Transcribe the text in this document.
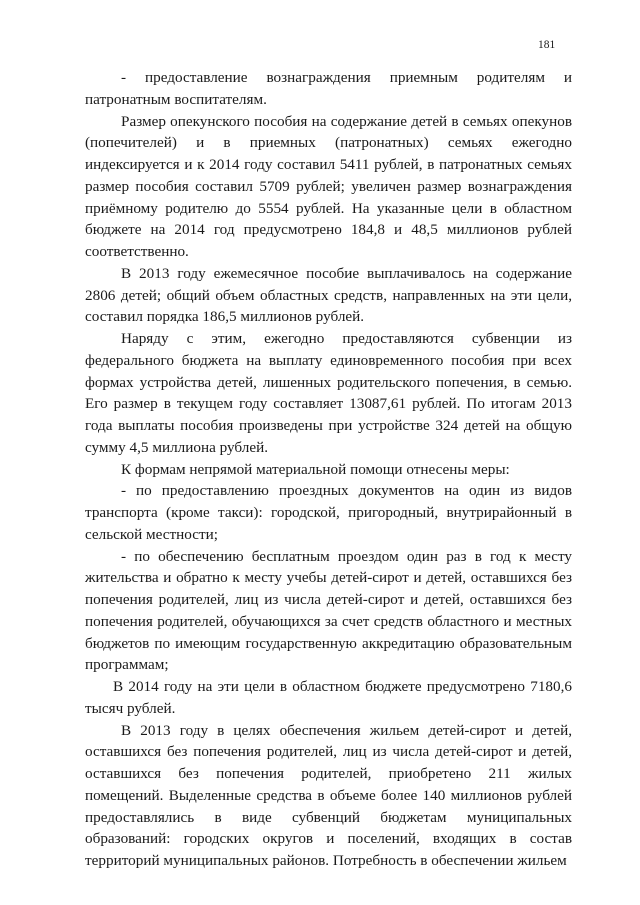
181

- предоставление вознаграждения приемным родителям и патронатным воспитателям.

Размер опекунского пособия на содержание детей в семьях опекунов (попечителей) и в приемных (патронатных) семьях ежегодно индексируется и к 2014 году составил 5411 рублей, в патронатных семьях размер пособия составил 5709 рублей; увеличен размер вознаграждения приёмному родителю до 5554 рублей. На указанные цели в областном бюджете на 2014 год предусмотрено 184,8 и 48,5 миллионов рублей соответственно.

В 2013 году ежемесячное пособие выплачивалось на содержание 2806 детей; общий объем областных средств, направленных на эти цели, составил порядка 186,5 миллионов рублей.

Наряду с этим, ежегодно предоставляются субвенции из федерального бюджета на выплату единовременного пособия при всех формах устройства детей, лишенных родительского попечения, в семью. Его размер в текущем году составляет 13087,61 рублей. По итогам 2013 года выплаты пособия произведены при устройстве 324 детей на общую сумму 4,5 миллиона рублей.

К формам непрямой материальной помощи отнесены меры:

- по предоставлению проездных документов на один из видов транспорта (кроме такси): городской, пригородный, внутрирайонный в сельской местности;

- по обеспечению бесплатным проездом один раз в год к месту жительства и обратно к месту учебы детей-сирот и детей, оставшихся без попечения родителей, лиц из числа детей-сирот и детей, оставшихся без попечения родителей, обучающихся за счет средств областного и местных бюджетов по имеющим государственную аккредитацию образовательным программам;

В 2014 году на эти цели в областном бюджете предусмотрено 7180,6 тысяч рублей.

В 2013 году в целях обеспечения жильем детей-сирот и детей, оставшихся без попечения родителей, лиц из числа детей-сирот и детей, оставшихся без попечения родителей, приобретено 211 жилых помещений. Выделенные средства в объеме более 140 миллионов рублей предоставлялись в виде субвенций бюджетам муниципальных образований: городских округов и поселений, входящих в состав территорий муниципальных районов. Потребность в обеспечении жильем
